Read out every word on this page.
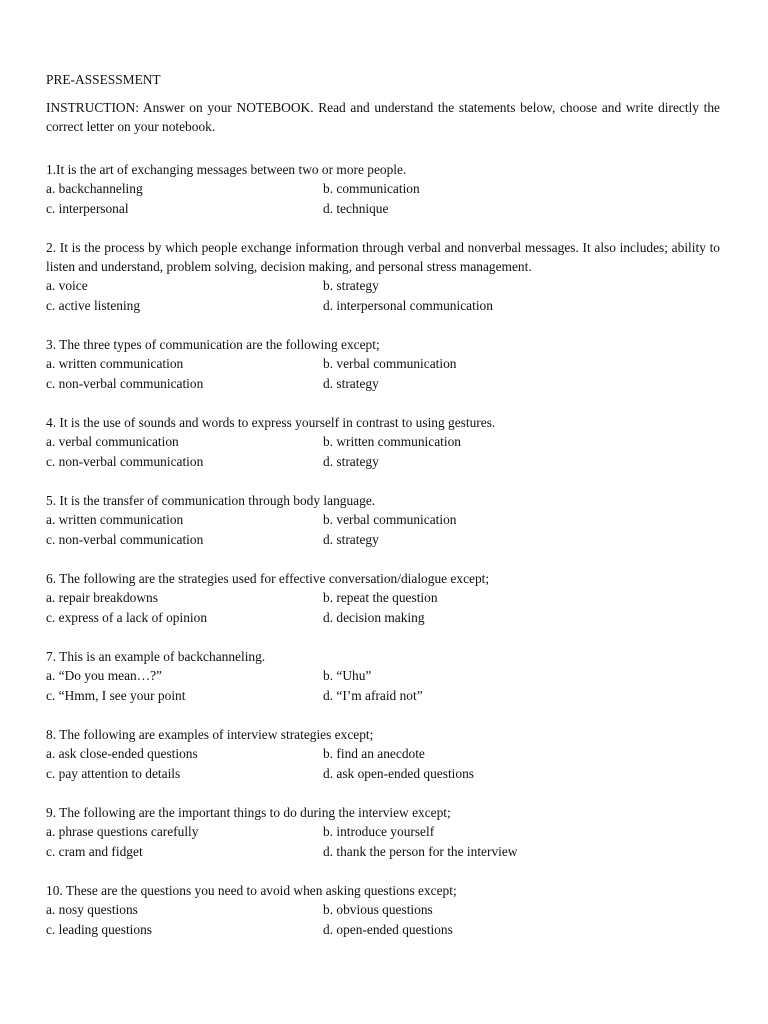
PRE-ASSESSMENT
INSTRUCTION: Answer on your NOTEBOOK. Read and understand the statements below, choose and write directly the correct letter on your notebook.
1.It is the art of exchanging messages between two or more people.
a. backchanneling	b. communication
c. interpersonal	d. technique
2. It is the process by which people exchange information through verbal and nonverbal messages. It also includes; ability to listen and understand, problem solving, decision making, and personal stress management.
a. voice	b. strategy
c. active listening	d. interpersonal communication
3. The three types of communication are the following except;
a. written communication	b. verbal communication
c. non-verbal communication	d. strategy
4. It is the use of sounds and words to express yourself in contrast to using gestures.
a. verbal communication	b. written communication
c. non-verbal communication	d. strategy
5. It is the transfer of communication through body language.
a. written communication	b. verbal communication
c. non-verbal communication	d. strategy
6. The following are the strategies used for effective conversation/dialogue except;
a. repair breakdowns	b. repeat the question
c. express of a lack of opinion	d. decision making
7. This is an example of backchanneling.
a. “Do you mean…?”	b. “Uhu”
c. “Hmm, I see your point	d. “I’m afraid not”
8. The following are examples of interview strategies except;
a. ask close-ended questions	b. find an anecdote
c. pay attention to details	d. ask open-ended questions
9. The following are the important things to do during the interview except;
a. phrase questions carefully	b. introduce yourself
c. cram and fidget	d. thank the person for the interview
10. These are the questions you need to avoid when asking questions except;
a. nosy questions	b. obvious questions
c. leading questions	d. open-ended questions
